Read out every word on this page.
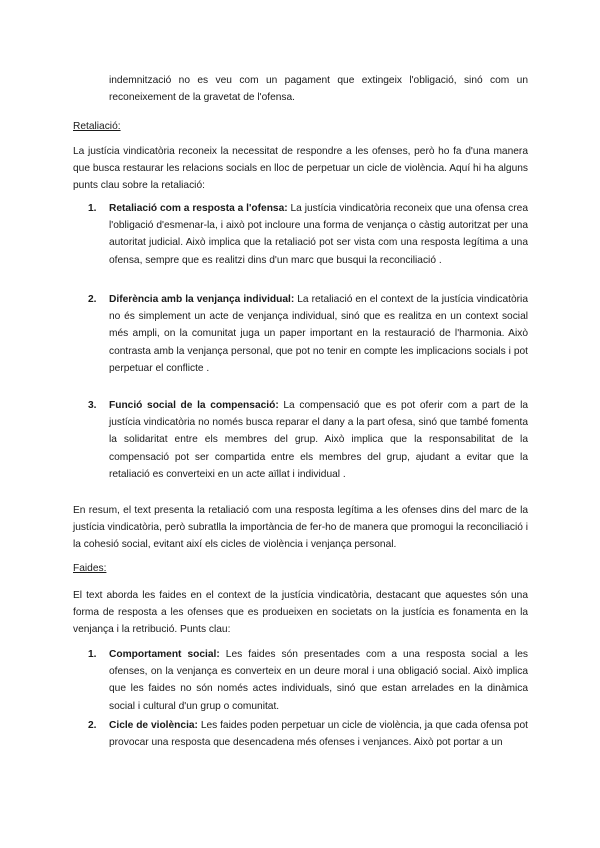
indemnització no es veu com un pagament que extingeix l'obligació, sinó com un reconeixement de la gravetat de l'ofensa.

Retaliació:

La justícia vindicatòria reconeix la necessitat de respondre a les ofenses, però ho fa d'una manera que busca restaurar les relacions socials en lloc de perpetuar un cicle de violència. Aquí hi ha alguns punts clau sobre la retaliació:

1.	Retaliació com a resposta a l'ofensa: La justícia vindicatòria reconeix que una ofensa crea l'obligació d'esmenar-la, i això pot incloure una forma de venjança o càstig autoritzat per una autoritat judicial. Això implica que la retaliació pot ser vista com una resposta legítima a una ofensa, sempre que es realitzi dins d'un marc que busqui la reconciliació .
2.	Diferència amb la venjança individual: La retaliació en el context de la justícia vindicatòria no és simplement un acte de venjança individual, sinó que es realitza en un context social més ampli, on la comunitat juga un paper important en la restauració de l'harmonia. Això contrasta amb la venjança personal, que pot no tenir en compte les implicacions socials i pot perpetuar el conflicte .
3.	Funció social de la compensació: La compensació que es pot oferir com a part de la justícia vindicatòria no només busca reparar el dany a la part ofesa, sinó que també fomenta la solidaritat entre els membres del grup. Això implica que la responsabilitat de la compensació pot ser compartida entre els membres del grup, ajudant a evitar que la retaliació es converteixi en un acte aïllat i individual .

En resum, el text presenta la retaliació com una resposta legítima a les ofenses dins del marc de la justícia vindicatòria, però subratlla la importància de fer-ho de manera que promogui la reconciliació i la cohesió social, evitant així els cicles de violència i venjança personal.

Faides:

El text aborda les faides en el context de la justícia vindicatòria, destacant que aquestes són una forma de resposta a les ofenses que es produeixen en societats on la justícia es fonamenta en la venjança i la retribució. Punts clau:

1.	Comportament social: Les faides són presentades com a una resposta social a les ofenses, on la venjança es converteix en un deure moral i una obligació social. Això implica que les faides no són només actes individuals, sinó que estan arrelades en la dinàmica social i cultural d'un grup o comunitat.
2.	Cicle de violència: Les faides poden perpetuar un cicle de violència, ja que cada ofensa pot provocar una resposta que desencadena més ofenses i venjances. Això pot portar a un
